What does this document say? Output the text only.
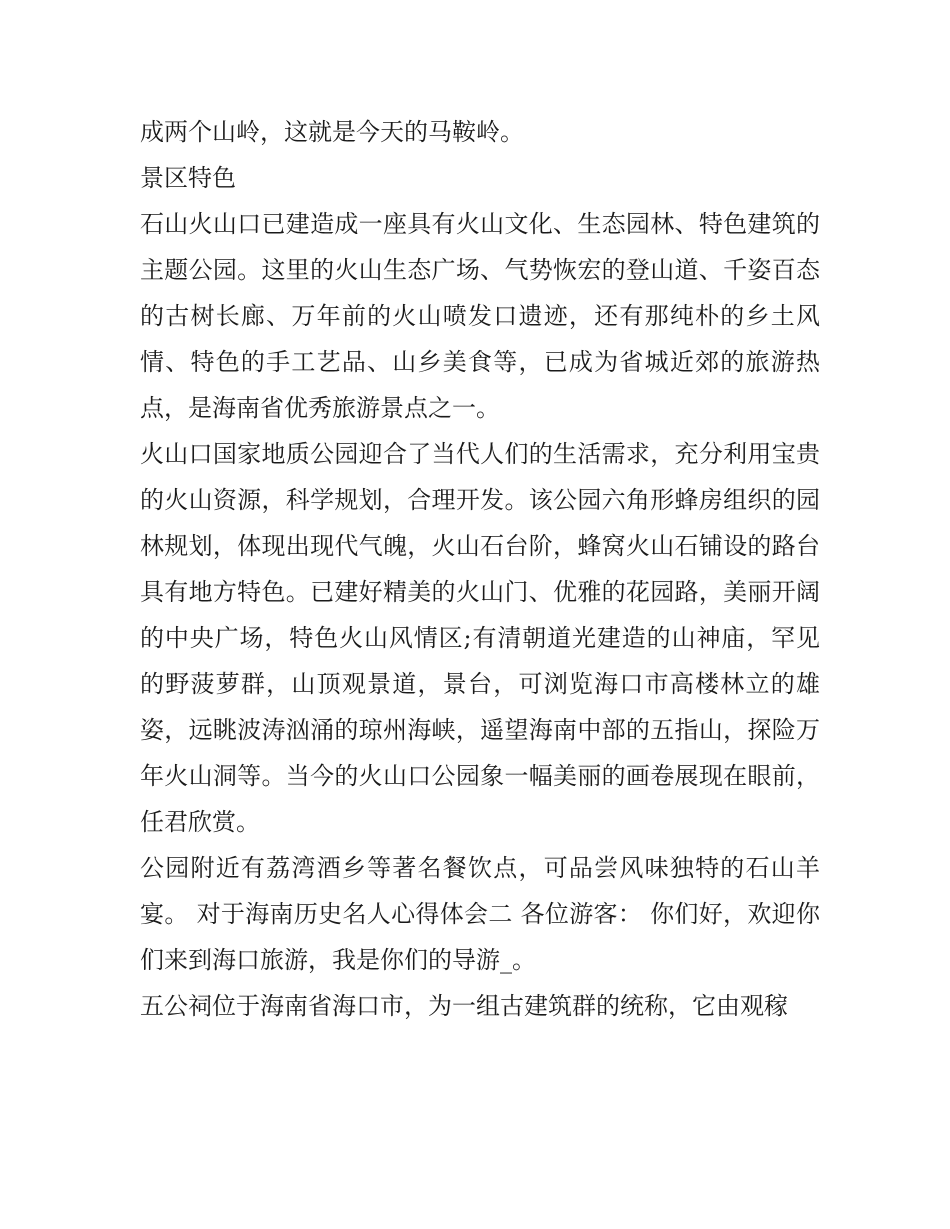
成两个山岭，这就是今天的马鞍岭。

景区特色

石山火山口已建造成一座具有火山文化、生态园林、特色建筑的主题公园。这里的火山生态广场、气势恢宏的登山道、千姿百态的古树长廊、万年前的火山喷发口遗迹，还有那纯朴的乡土风情、特色的手工艺品、山乡美食等，已成为省城近郊的旅游热点，是海南省优秀旅游景点之一。

火山口国家地质公园迎合了当代人们的生活需求，充分利用宝贵的火山资源，科学规划，合理开发。该公园六角形蜂房组织的园林规划，体现出现代气魄，火山石台阶，蜂窝火山石铺设的路台具有地方特色。已建好精美的火山门、优雅的花园路，美丽开阔的中央广场，特色火山风情区;有清朝道光建造的山神庙，罕见的野菠萝群，山顶观景道，景台，可浏览海口市高楼林立的雄姿，远眺波涛汹涌的琼州海峡，遥望海南中部的五指山，探险万年火山洞等。当今的火山口公园象一幅美丽的画卷展现在眼前，任君欣赏。

公园附近有荔湾酒乡等著名餐饮点，可品尝风味独特的石山羊宴。 对于海南历史名人心得体会二 各位游客： 你们好，欢迎你们来到海口旅游，我是你们的导游_。

五公祠位于海南省海口市，为一组古建筑群的统称，它由观稼
